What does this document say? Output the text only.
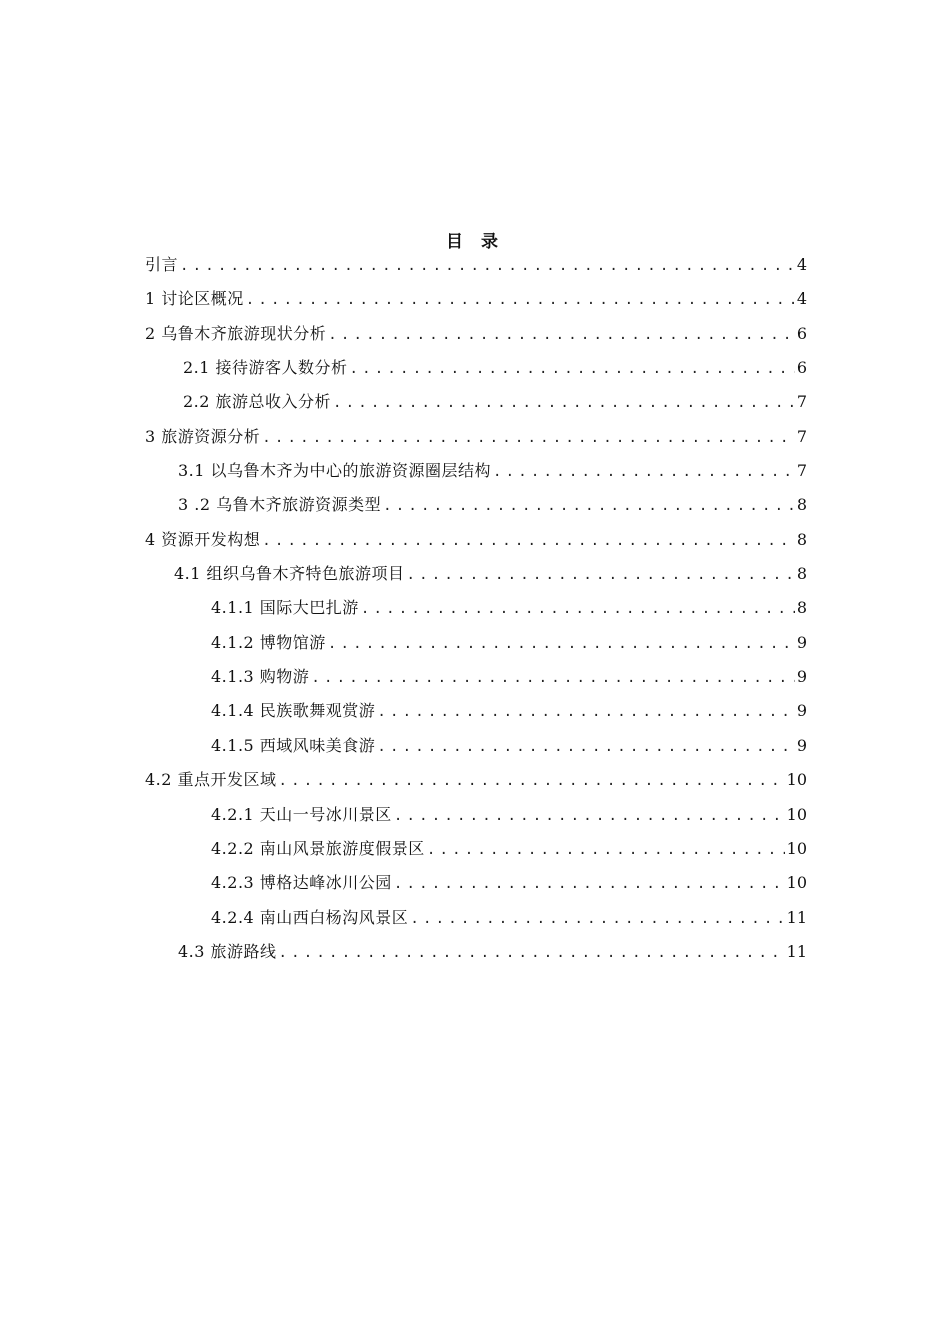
目 录
引言 .....	4
1 讨论区概况 .....	4
2 乌鲁木齐旅游现状分析 .....	6
2.1 接待游客人数分析 .....	6
2.2 旅游总收入分析 .....	7
3 旅游资源分析 .....	7
3.1 以乌鲁木齐为中心的旅游资源圈层结构 .....	7
3 .2 乌鲁木齐旅游资源类型 .....	8
4 资源开发构想 .....	8
4.1 组织乌鲁木齐特色旅游项目 .....	8
4.1.1 国际大巴扎游 .....	8
4.1.2 博物馆游 .....	9
4.1.3 购物游 .....	9
4.1.4 民族歌舞观赏游 .....	9
4.1.5 西域风味美食游 .....	9
4.2 重点开发区域 .....	10
4.2.1 天山一号冰川景区 .....	10
4.2.2 南山风景旅游度假景区 .....	10
4.2.3 博格达峰冰川公园 .....	10
4.2.4 南山西白杨沟风景区 .....	11
4.3 旅游路线 .....	11
